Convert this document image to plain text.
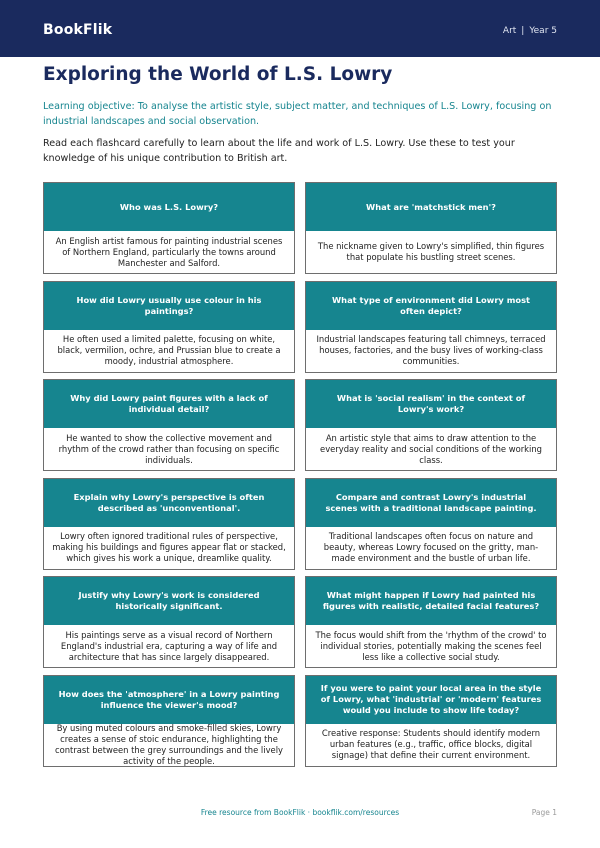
BookFlik	Art | Year 5
Exploring the World of L.S. Lowry

Learning objective: To analyse the artistic style, subject matter, and techniques of L.S. Lowry, focusing on industrial landscapes and social observation.

Read each flashcard carefully to learn about the life and work of L.S. Lowry. Use these to test your knowledge of his unique contribution to British art.

Who was L.S. Lowry?
An English artist famous for painting industrial scenes of Northern England, particularly the towns around Manchester and Salford.
What are 'matchstick men'?
The nickname given to Lowry's simplified, thin figures that populate his bustling street scenes.
How did Lowry usually use colour in his paintings?
He often used a limited palette, focusing on white, black, vermilion, ochre, and Prussian blue to create a moody, industrial atmosphere.
What type of environment did Lowry most often depict?
Industrial landscapes featuring tall chimneys, terraced houses, factories, and the busy lives of working-class communities.
Why did Lowry paint figures with a lack of individual detail?
He wanted to show the collective movement and rhythm of the crowd rather than focusing on specific individuals.
What is 'social realism' in the context of Lowry's work?
An artistic style that aims to draw attention to the everyday reality and social conditions of the working class.
Explain why Lowry's perspective is often described as 'unconventional'.
Lowry often ignored traditional rules of perspective, making his buildings and figures appear flat or stacked, which gives his work a unique, dreamlike quality.
Compare and contrast Lowry's industrial scenes with a traditional landscape painting.
Traditional landscapes often focus on nature and beauty, whereas Lowry focused on the gritty, man-made environment and the bustle of urban life.
Justify why Lowry's work is considered historically significant.
His paintings serve as a visual record of Northern England's industrial era, capturing a way of life and architecture that has since largely disappeared.
What might happen if Lowry had painted his figures with realistic, detailed facial features?
The focus would shift from the 'rhythm of the crowd' to individual stories, potentially making the scenes feel less like a collective social study.
How does the 'atmosphere' in a Lowry painting influence the viewer's mood?
By using muted colours and smoke-filled skies, Lowry creates a sense of stoic endurance, highlighting the contrast between the grey surroundings and the lively activity of the people.
If you were to paint your local area in the style of Lowry, what 'industrial' or 'modern' features would you include to show life today?
Creative response: Students should identify modern urban features (e.g., traffic, office blocks, digital signage) that define their current environment.
Free resource from BookFlik · bookflik.com/resources	Page 1
